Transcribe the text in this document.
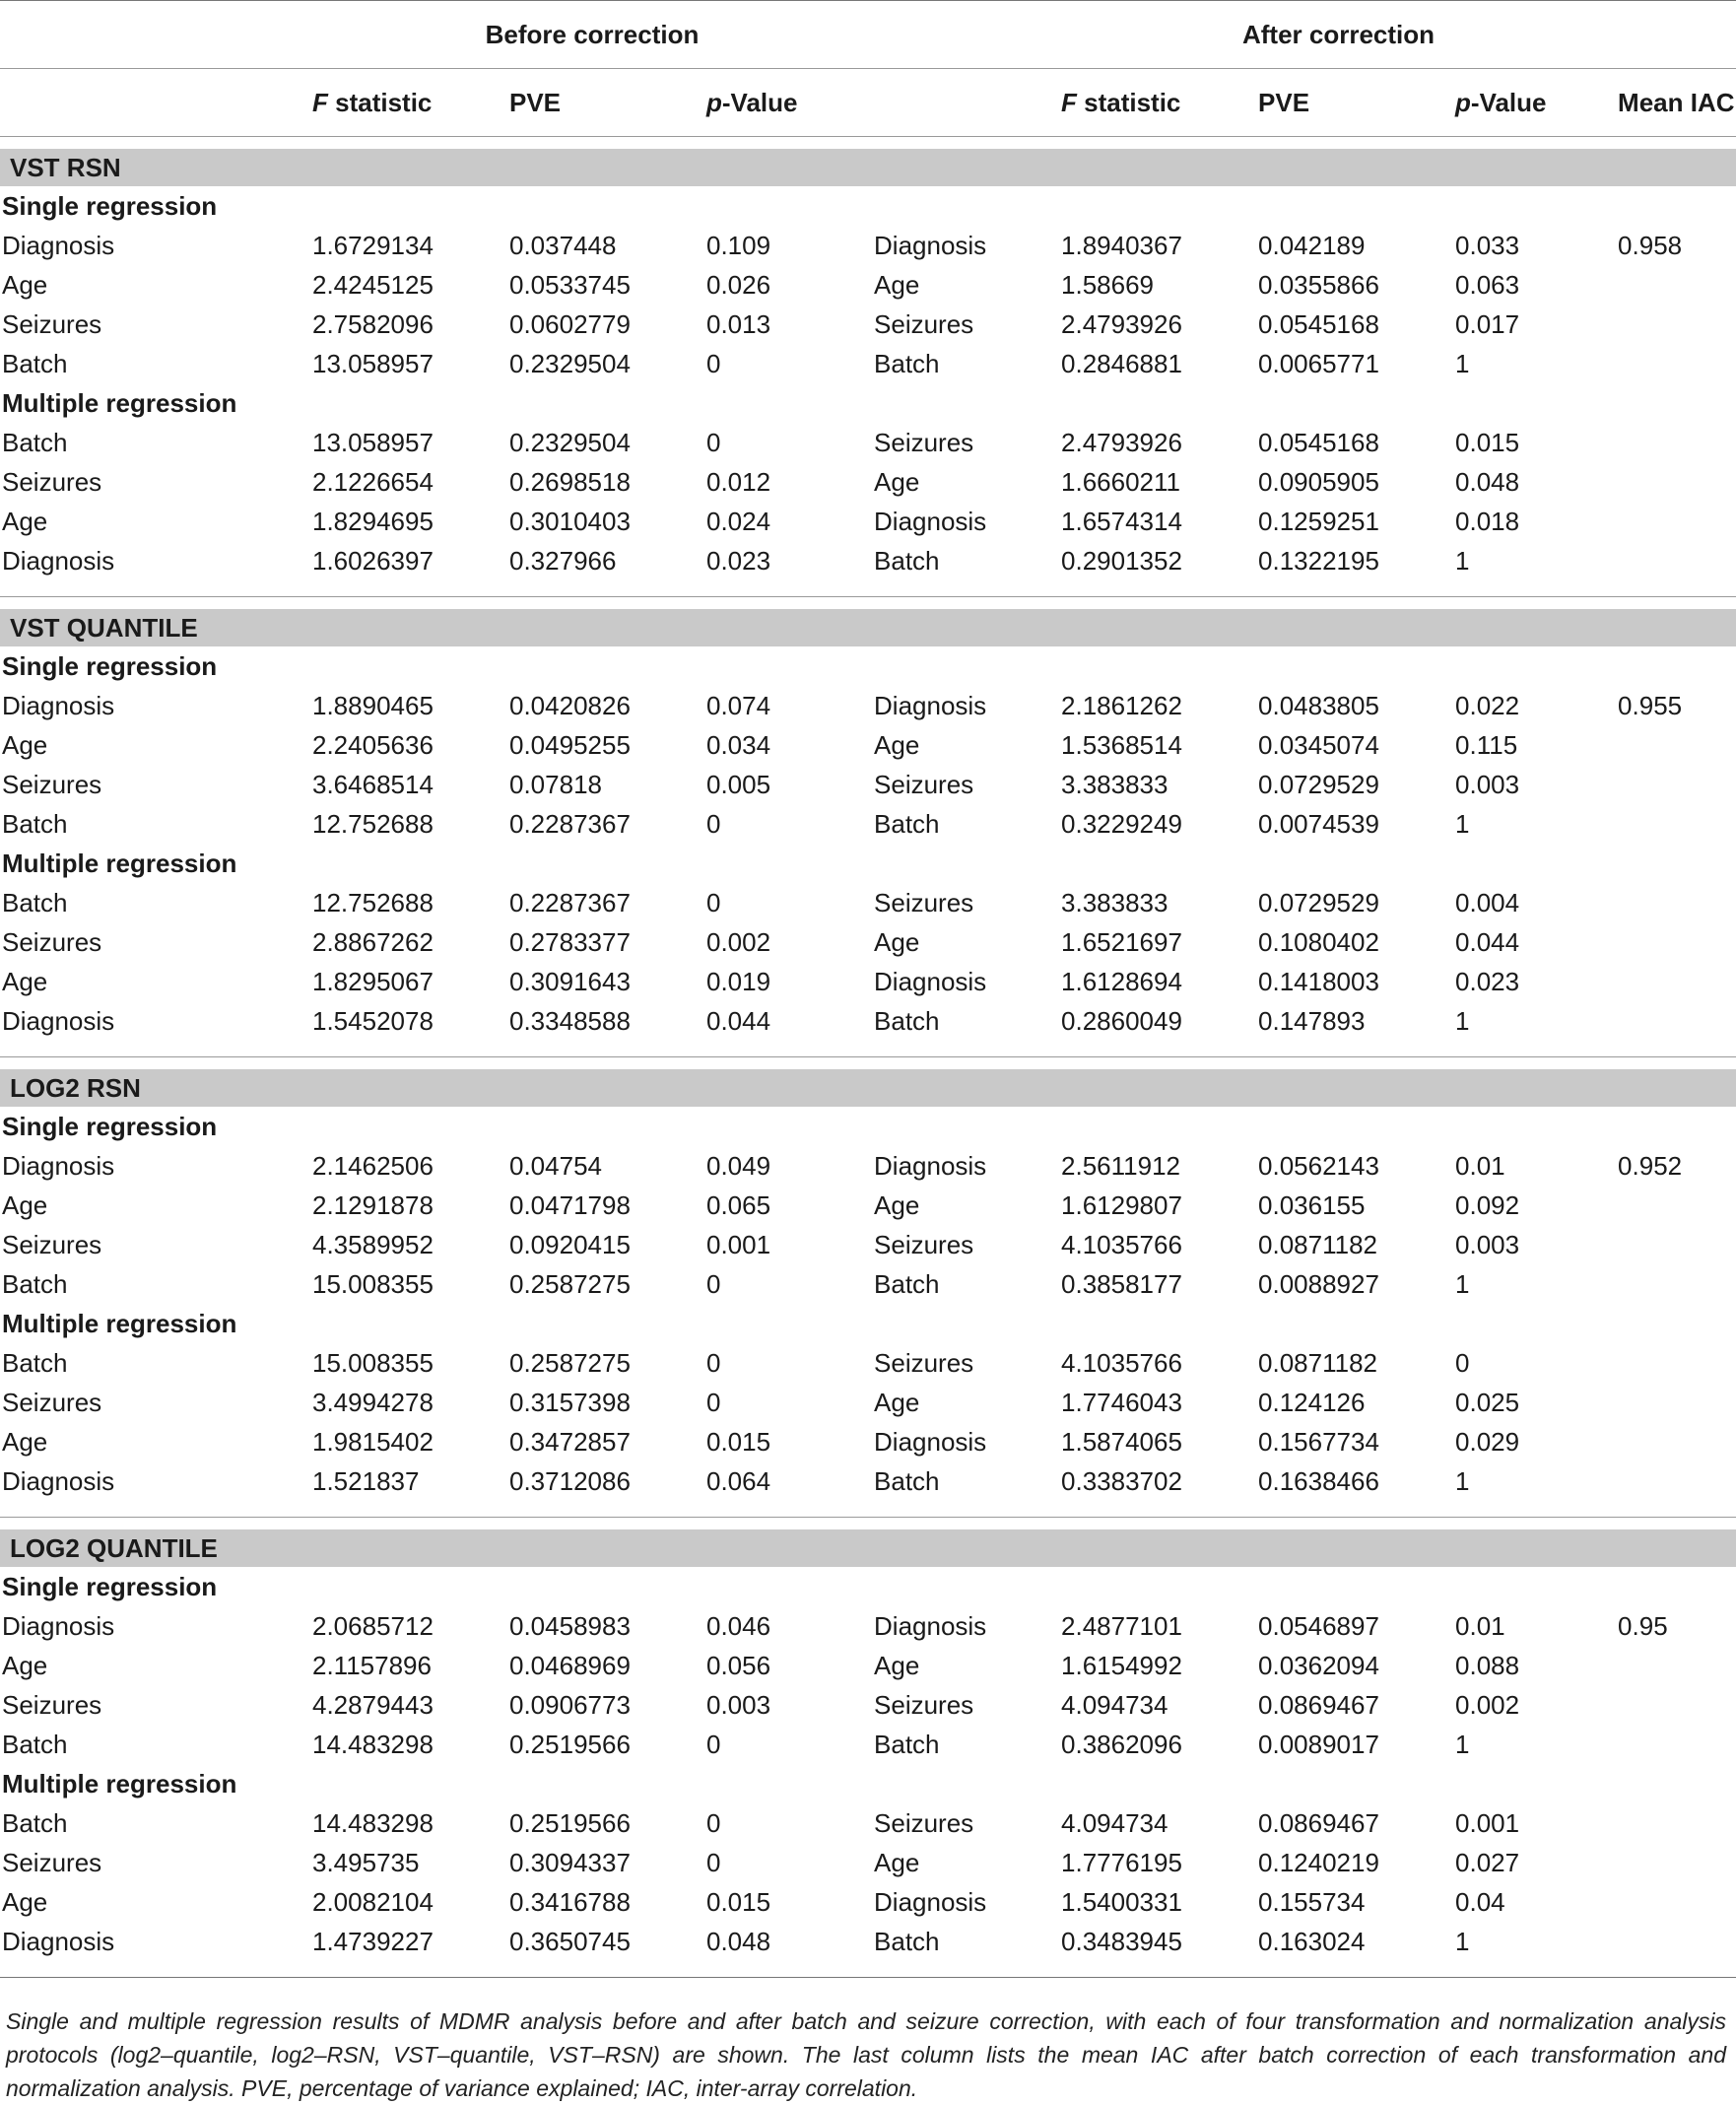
	Before correction				After correction			
	F statistic	PVE	p-Value		F statistic	PVE	p-Value	Mean IAC

VST RSN								
Single regression								
Diagnosis	1.6729134	0.037448	0.109	Diagnosis	1.8940367	0.042189	0.033	0.958
Age	2.4245125	0.0533745	0.026	Age	1.58669	0.0355866	0.063	
Seizures	2.7582096	0.0602779	0.013	Seizures	2.4793926	0.0545168	0.017	
Batch	13.058957	0.2329504	0	Batch	0.2846881	0.0065771	1	
Multiple regression								
Batch	13.058957	0.2329504	0	Seizures	2.4793926	0.0545168	0.015	
Seizures	2.1226654	0.2698518	0.012	Age	1.6660211	0.0905905	0.048	
Age	1.8294695	0.3010403	0.024	Diagnosis	1.6574314	0.1259251	0.018	
Diagnosis	1.6026397	0.327966	0.023	Batch	0.2901352	0.1322195	1	

VST QUANTILE								
Single regression								
Diagnosis	1.8890465	0.0420826	0.074	Diagnosis	2.1861262	0.0483805	0.022	0.955
Age	2.2405636	0.0495255	0.034	Age	1.5368514	0.0345074	0.115	
Seizures	3.6468514	0.07818	0.005	Seizures	3.383833	0.0729529	0.003	
Batch	12.752688	0.2287367	0	Batch	0.3229249	0.0074539	1	
Multiple regression								
Batch	12.752688	0.2287367	0	Seizures	3.383833	0.0729529	0.004	
Seizures	2.8867262	0.2783377	0.002	Age	1.6521697	0.1080402	0.044	
Age	1.8295067	0.3091643	0.019	Diagnosis	1.6128694	0.1418003	0.023	
Diagnosis	1.5452078	0.3348588	0.044	Batch	0.2860049	0.147893	1	

LOG2 RSN								
Single regression								
Diagnosis	2.1462506	0.04754	0.049	Diagnosis	2.5611912	0.0562143	0.01	0.952
Age	2.1291878	0.0471798	0.065	Age	1.6129807	0.036155	0.092	
Seizures	4.3589952	0.0920415	0.001	Seizures	4.1035766	0.0871182	0.003	
Batch	15.008355	0.2587275	0	Batch	0.3858177	0.0088927	1	
Multiple regression								
Batch	15.008355	0.2587275	0	Seizures	4.1035766	0.0871182	0	
Seizures	3.4994278	0.3157398	0	Age	1.7746043	0.124126	0.025	
Age	1.9815402	0.3472857	0.015	Diagnosis	1.5874065	0.1567734	0.029	
Diagnosis	1.521837	0.3712086	0.064	Batch	0.3383702	0.1638466	1	

LOG2 QUANTILE								
Single regression								
Diagnosis	2.0685712	0.0458983	0.046	Diagnosis	2.4877101	0.0546897	0.01	0.95
Age	2.1157896	0.0468969	0.056	Age	1.6154992	0.0362094	0.088	
Seizures	4.2879443	0.0906773	0.003	Seizures	4.094734	0.0869467	0.002	
Batch	14.483298	0.2519566	0	Batch	0.3862096	0.0089017	1	
Multiple regression								
Batch	14.483298	0.2519566	0	Seizures	4.094734	0.0869467	0.001	
Seizures	3.495735	0.3094337	0	Age	1.7776195	0.1240219	0.027	
Age	2.0082104	0.3416788	0.015	Diagnosis	1.5400331	0.155734	0.04	
Diagnosis	1.4739227	0.3650745	0.048	Batch	0.3483945	0.163024	1	

Single and multiple regression results of MDMR analysis before and after batch and seizure correction, with each of four transformation and normalization analysis protocols (log2–quantile, log2–RSN, VST–quantile, VST–RSN) are shown. The last column lists the mean IAC after batch correction of each transformation and normalization analysis. PVE, percentage of variance explained; IAC, inter-array correlation.
